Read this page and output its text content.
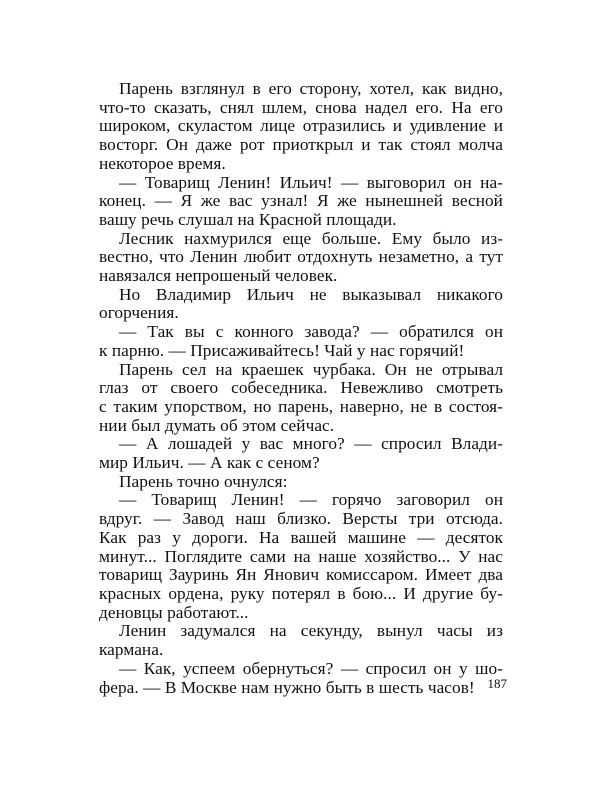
Парень взглянул в его сторону, хотел, как видно,
что-то сказать, снял шлем, снова надел его. На его
широком, скуластом лице отразились и удивление и
восторг. Он даже рот приоткрыл и так стоял молча
некоторое время.
— Товарищ Ленин! Ильич! — выговорил он на-
конец. — Я же вас узнал! Я же нынешней весной
вашу речь слушал на Красной площади.
Лесник нахмурился еще больше. Ему было из-
вестно, что Ленин любит отдохнуть незаметно, а тут
навязался непрошеный человек.
Но Владимир Ильич не выказывал никакого
огорчения.
— Так вы с конного завода? — обратился он
к парню. — Присаживайтесь! Чай у нас горячий!
Парень сел на краешек чурбака. Он не отрывал
глаз от своего собеседника. Невежливо смотреть
с таким упорством, но парень, наверно, не в состоя-
нии был думать об этом сейчас.
— А лошадей у вас много? — спросил Влади-
мир Ильич. — А как с сеном?
Парень точно очнулся:
— Товарищ Ленин! — горячо заговорил он
вдруг. — Завод наш близко. Версты три отсюда.
Как раз у дороги. На вашей машине — десяток
минут... Поглядите сами на наше хозяйство... У нас
товарищ Зауринь Ян Янович комиссаром. Имеет два
красных ордена, руку потерял в бою... И другие бу-
деновцы работают...
Ленин задумался на секунду, вынул часы из
кармана.
— Как, успеем обернуться? — спросил он у шо-
фера. — В Москве нам нужно быть в шесть часов! 187
